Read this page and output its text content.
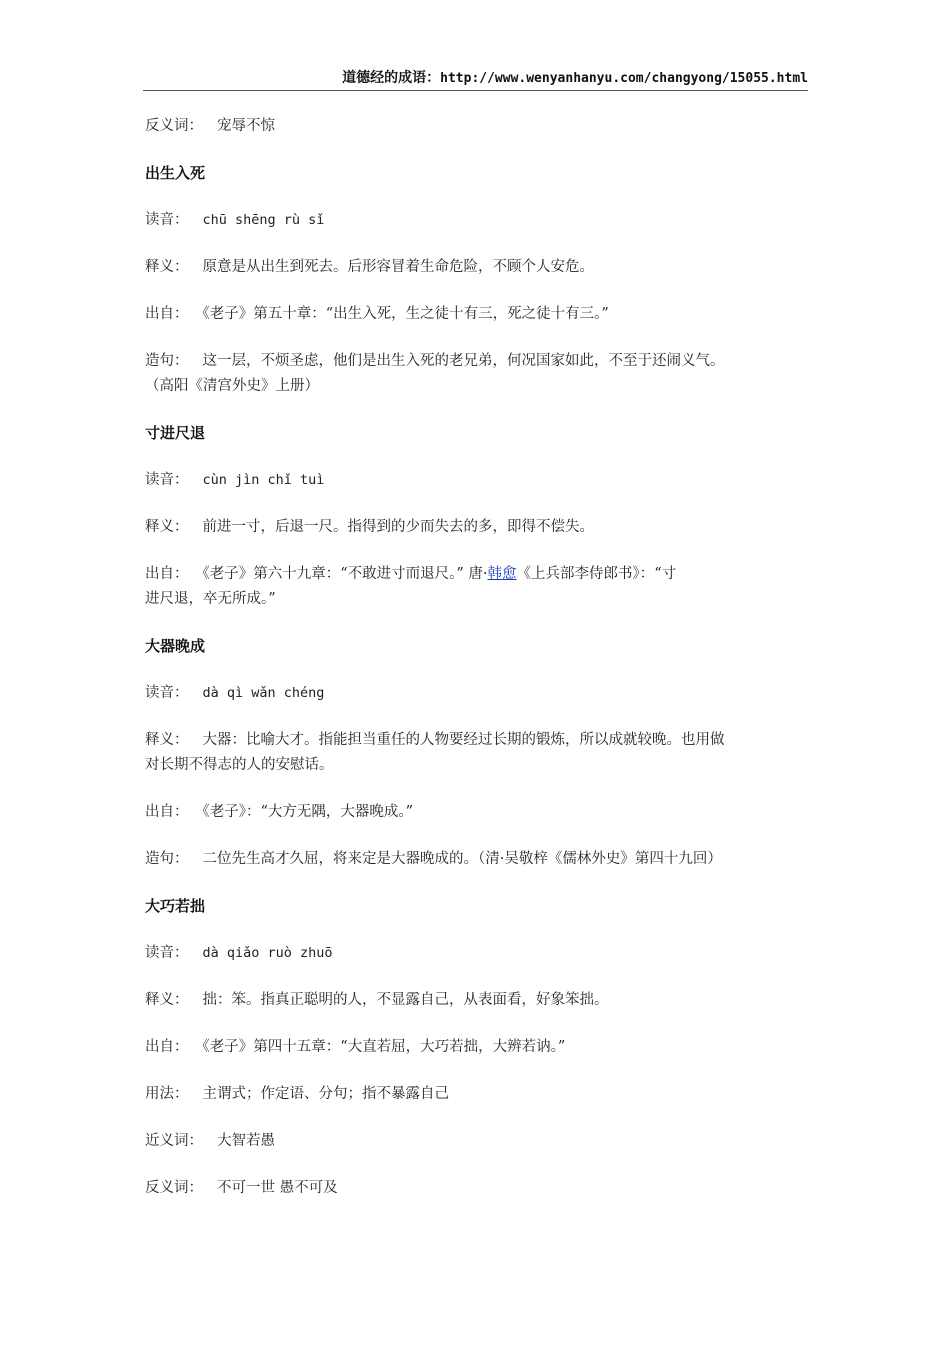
道德经的成语：http://www.wenyanhanyu.com/changyong/15055.html

反义词： 宠辱不惊

出生入死

读音： chū shēng rù sǐ

释义： 原意是从出生到死去。后形容冒着生命危险，不顾个人安危。

出自： 《老子》第五十章：“出生入死，生之徒十有三，死之徒十有三。”

造句： 这一层，不烦圣虑，他们是出生入死的老兄弟，何况国家如此，不至于还闹义气。

（高阳《清宫外史》上册）

寸进尺退

读音： cùn jìn chǐ tuì

释义： 前进一寸，后退一尺。指得到的少而失去的多，即得不偿失。

出自： 《老子》第六十九章：“不敢进寸而退尺。” 唐·韩愈《上兵部李侍郎书》：“寸

进尺退，卒无所成。”

大器晚成

读音： dà qì wǎn chéng

释义： 大器：比喻大才。指能担当重任的人物要经过长期的锻炼，所以成就较晚。也用做

对长期不得志的人的安慰话。

出自： 《老子》：“大方无隅，大器晚成。”

造句： 二位先生高才久屈，将来定是大器晚成的。（清·吴敬梓《儒林外史》第四十九回）

大巧若拙

读音： dà qiǎo ruò zhuō

释义： 拙：笨。指真正聪明的人，不显露自己，从表面看，好象笨拙。

出自： 《老子》第四十五章：“大直若屈，大巧若拙，大辨若讷。”

用法： 主谓式；作定语、分句；指不暴露自己

近义词： 大智若愚

反义词： 不可一世 愚不可及
